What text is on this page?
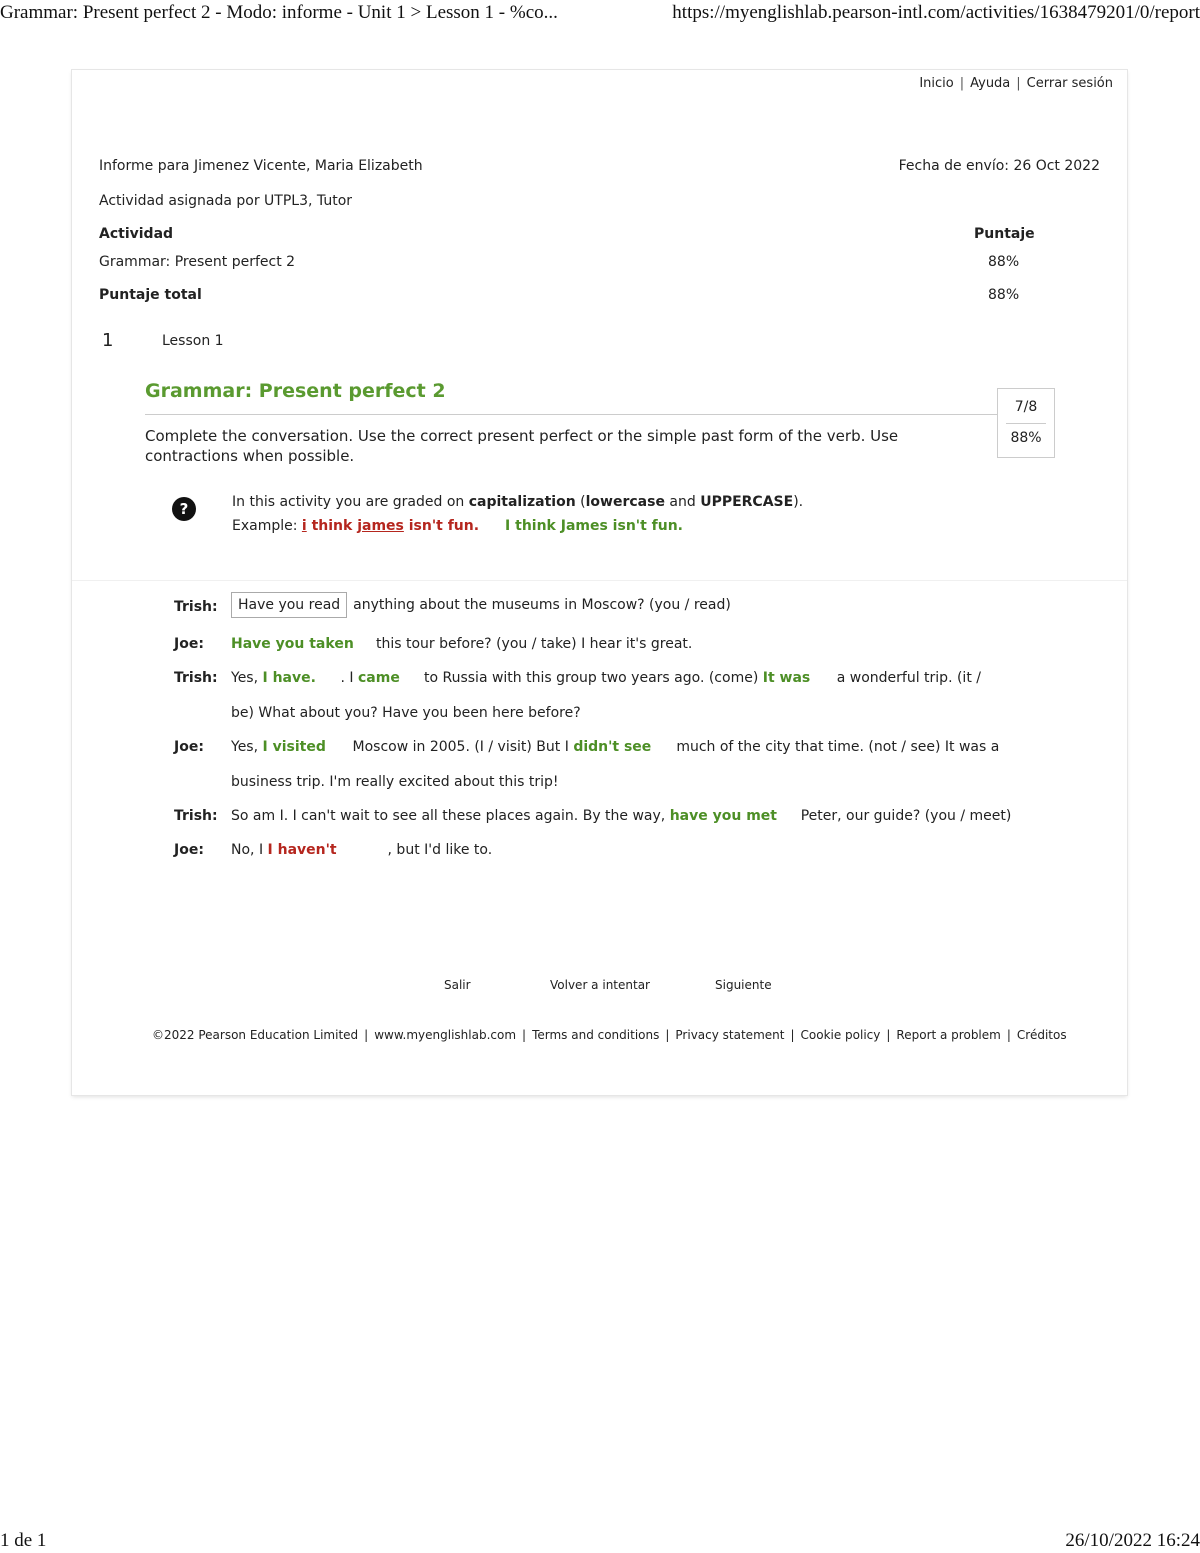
Grammar: Present perfect 2 - Modo: informe - Unit 1 > Lesson 1 - %co...	https://myenglishlab.pearson-intl.com/activities/1638479201/0/report
Inicio | Ayuda | Cerrar sesión
Informe para Jimenez Vicente, Maria Elizabeth	Fecha de envío: 26 Oct 2022
Actividad asignada por UTPL3, Tutor
Actividad	Puntaje
Grammar: Present perfect 2	88%
Puntaje total	88%
1	Lesson 1
Grammar: Present perfect 2
7/8
88%
Complete the conversation. Use the correct present perfect or the simple past form of the verb. Use contractions when possible.
?	In this activity you are graded on capitalization (lowercase and UPPERCASE).
Example: i think james isn't fun. I think James isn't fun.
Trish:	Have you read anything about the museums in Moscow? (you / read)
Joe: Have you taken this tour before? (you / take) I hear it's great.
Trish: Yes, I have. . I came to Russia with this group two years ago. (come) It was a wonderful trip. (it /
be) What about you? Have you been here before?
Joe: Yes, I visited Moscow in 2005. (I / visit) But I didn't see much of the city that time. (not / see) It was a
business trip. I'm really excited about this trip!
Trish: So am I. I can't wait to see all these places again. By the way, have you met Peter, our guide? (you / meet)
Joe: No, I I haven't	, but I'd like to.
Salir	Volver a intentar	Siguiente
©2022 Pearson Education Limited | www.myenglishlab.com | Terms and conditions | Privacy statement | Cookie policy | Report a problem | Créditos
1 de 1	26/10/2022 16:24
